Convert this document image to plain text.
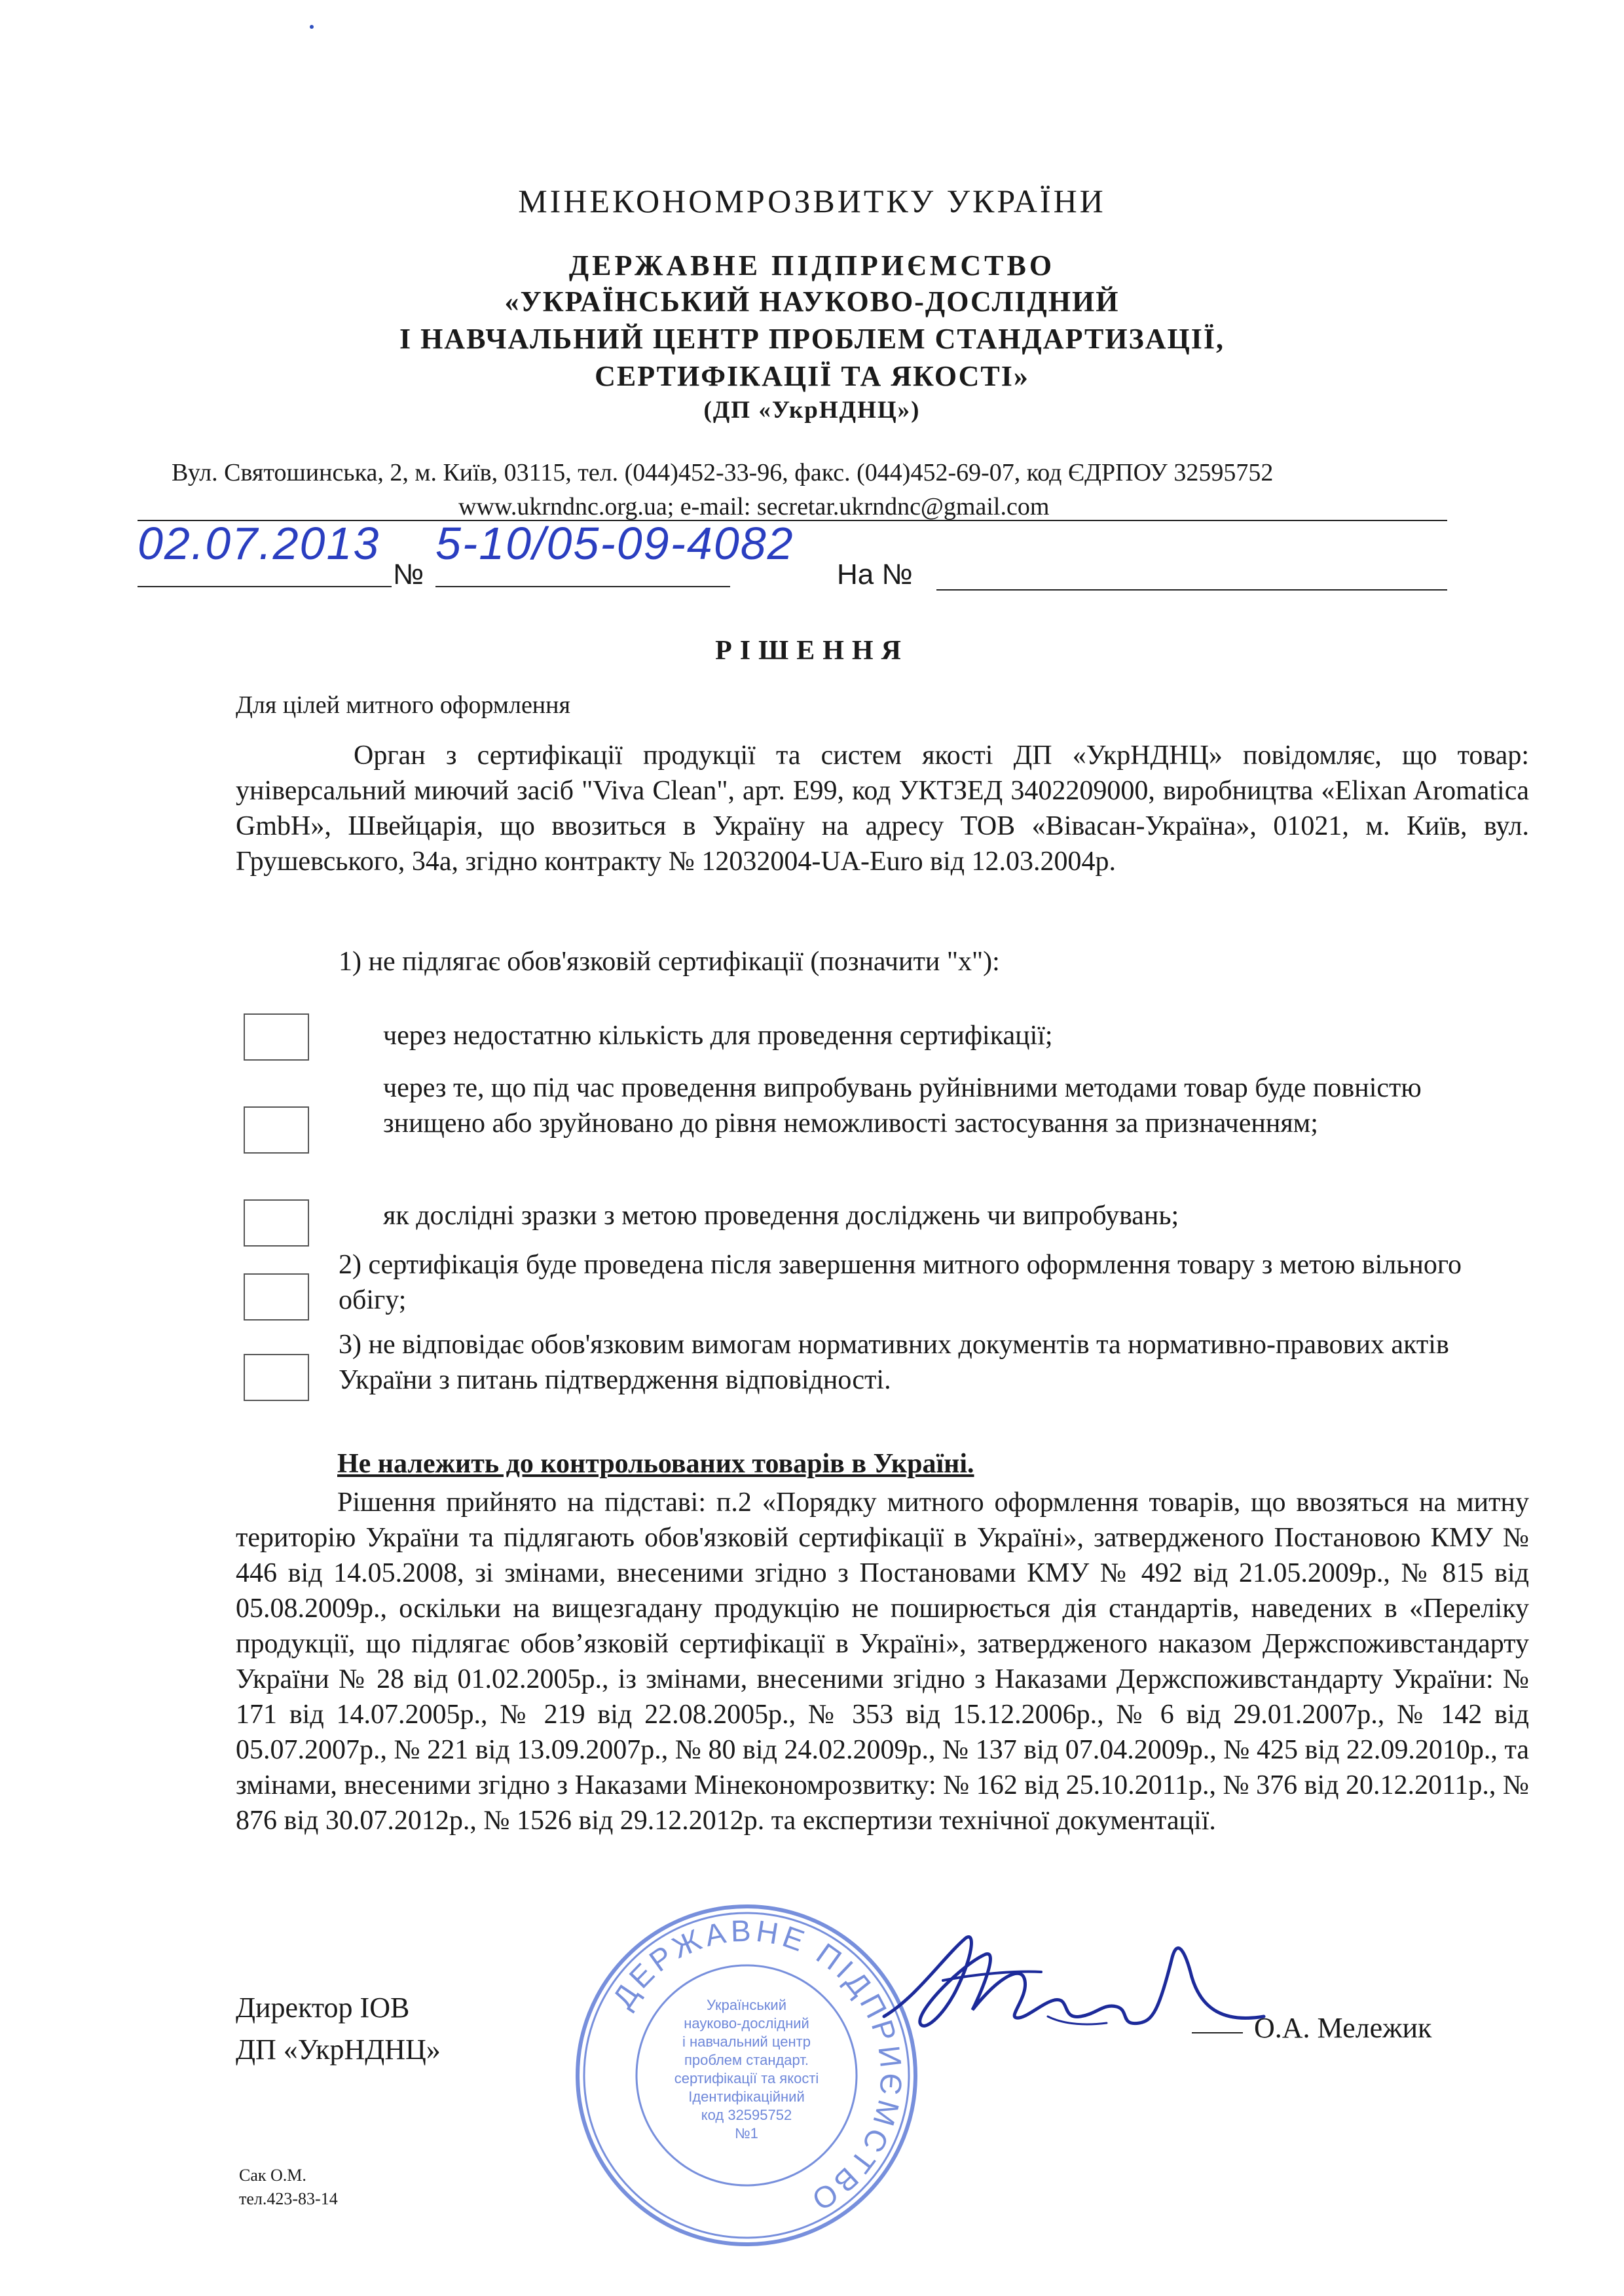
МІНЕКОНОМРОЗВИТКУ УКРАЇНИ
ДЕРЖАВНЕ ПІДПРИЄМСТВО
«УКРАЇНСЬКИЙ НАУКОВО-ДОСЛІДНИЙ
І НАВЧАЛЬНИЙ ЦЕНТР ПРОБЛЕМ СТАНДАРТИЗАЦІЇ,
СЕРТИФІКАЦІЇ ТА ЯКОСТІ»
(ДП «УкрНДНЦ»)
Вул. Святошинська, 2, м. Київ, 03115, тел. (044)452-33-96, факс. (044)452-69-07, код ЄДРПОУ 32595752
www.ukrndnc.org.ua; e-mail: secretar.ukrndnc@gmail.com
02.07.2013
№
5-10/05-09-4082
На №
РІШЕННЯ
Для цілей митного оформлення
Орган з сертифікації продукції та систем якості ДП «УкрНДНЦ» повідомляє, що товар: універсальний миючий засіб "Viva Clean", арт. E99, код УКТЗЕД 3402209000, виробництва «Elixan Aromatica GmbH», Швейцарія, що ввозиться в Україну на адресу ТОВ «Вівасан-Україна», 01021, м. Київ, вул. Грушевського, 34а, згідно контракту № 12032004-UA-Euro від 12.03.2004р.
1) не підлягає обов'язковій сертифікації (позначити "х"):
через недостатню кількість для проведення сертифікації;
через те, що під час проведення випробувань руйнівними методами товар буде повністю знищено або зруйновано до рівня неможливості застосування за призначенням;
як дослідні зразки з метою проведення досліджень чи випробувань;
2) сертифікація буде проведена після завершення митного оформлення товару з метою вільного обігу;
3) не відповідає обов'язковим вимогам нормативних документів та нормативно-правових актів України з питань підтвердження відповідності.
Не належить до контрольованих товарів в Україні.
Рішення прийнято на підставі: п.2 «Порядку митного оформлення товарів, що ввозяться на митну територію України та підлягають обов'язковій сертифікації в Україні», затвердженого Постановою КМУ № 446 від 14.05.2008, зі змінами, внесеними згідно з Постановами КМУ № 492 від 21.05.2009р., № 815 від 05.08.2009р., оскільки на вищезгадану продукцію не поширюється дія стандартів, наведених в «Переліку продукції, що підлягає обов’язковій сертифікації в Україні», затвердженого наказом Держспоживстандарту України № 28 від 01.02.2005р., із змінами, внесеними згідно з Наказами Держспоживстандарту України: № 171 від 14.07.2005р., № 219 від 22.08.2005р., № 353 від 15.12.2006р., № 6 від 29.01.2007р., № 142 від 05.07.2007р., № 221 від 13.09.2007р., № 80 від 24.02.2009р., № 137 від 07.04.2009р., № 425 від 22.09.2010р., та змінами, внесеними згідно з Наказами Мінекономрозвитку: № 162 від 25.10.2011р., № 376 від 20.12.2011р., № 876 від 30.07.2012р., № 1526 від 29.12.2012р. та експертизи технічної документації.
Директор ІОВ
ДП «УкрНДНЦ»
О.А. Мележик
ДЕРЖАВНЕ ПІДПРИЄМСТВО
Український
науково-дослідний
і навчальний центр
проблем стандарт.
сертифікації та якості
Ідентифікаційний
код 32595752
№1
Сак О.М.
тел.423-83-14
